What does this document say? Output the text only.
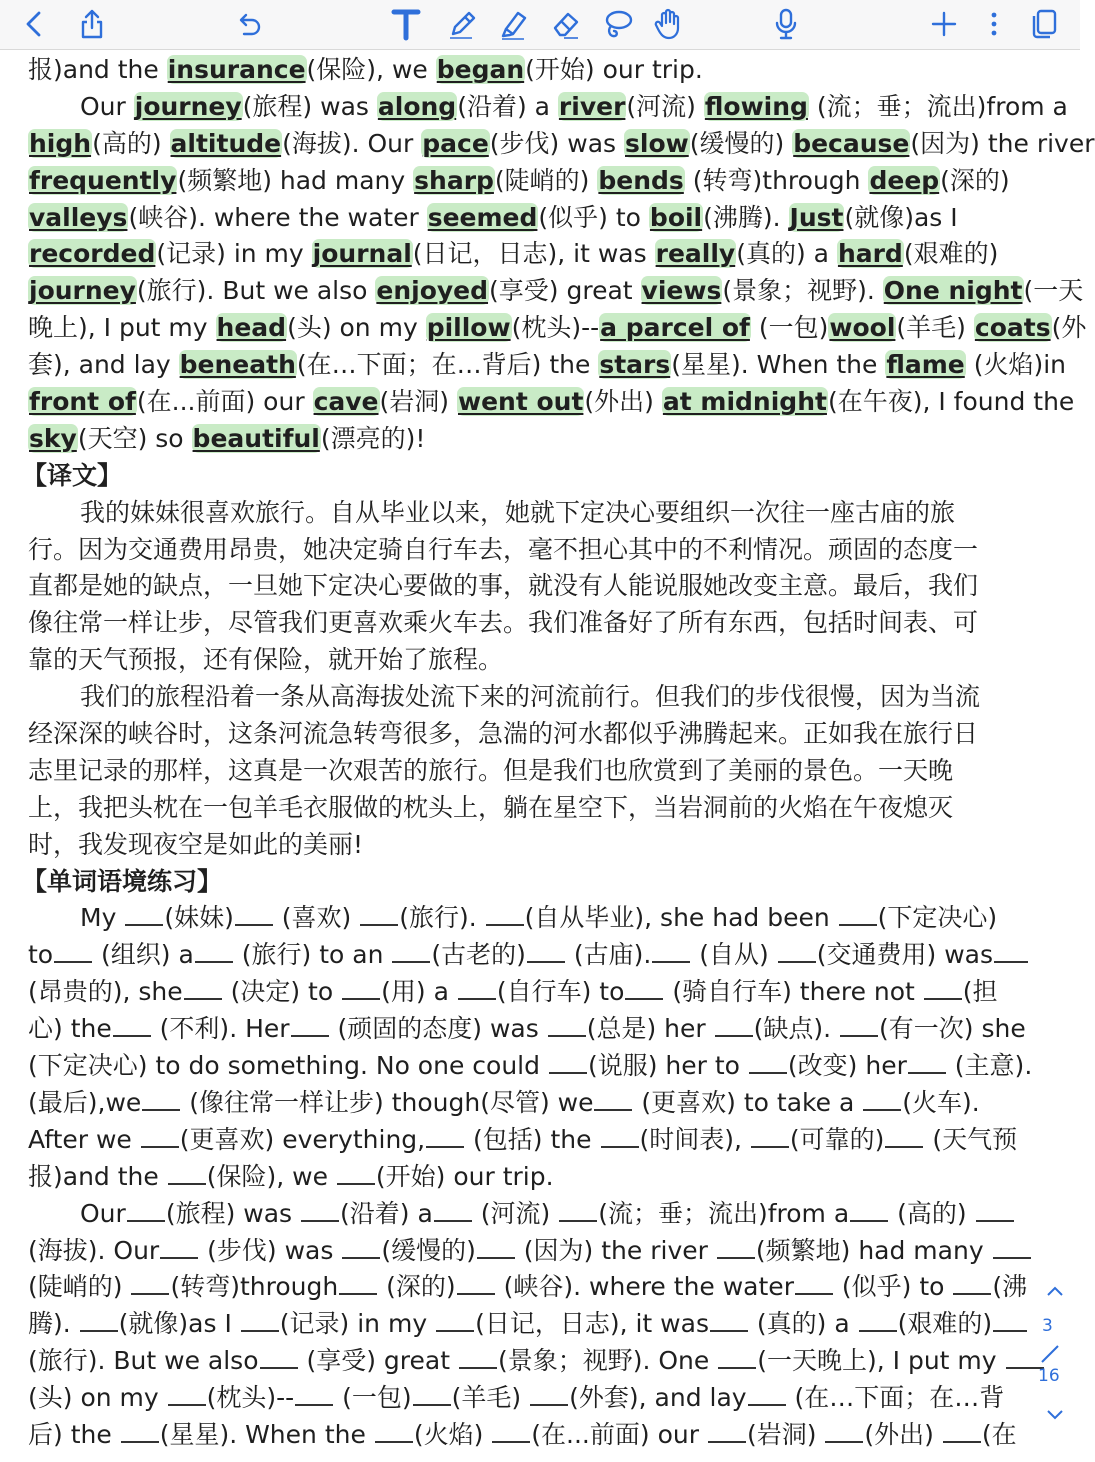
报)and the insurance(保险), we began(开始) our trip.
Our journey(旅程) was along(沿着) a river(河流) flowing (流；垂；流出)from a
high(高的) altitude(海拔). Our pace(步伐) was slow(缓慢的) because(因为) the river
frequently(频繁地) had many sharp(陡峭的) bends (转弯)through deep(深的)
valleys(峡谷). where the water seemed(似乎) to boil(沸腾). Just(就像)as I
recorded(记录) in my journal(日记，日志), it was really(真的) a hard(艰难的)
journey(旅行). But we also enjoyed(享受) great views(景象；视野). One night(一天
晚上), I put my head(头) on my pillow(枕头)--a parcel of (一包)wool(羊毛) coats(外
套), and lay beneath(在…下面；在…背后) the stars(星星). When the flame (火焰)in
front of(在...前面) our cave(岩洞) went out(外出) at midnight(在午夜), I found the
sky(天空) so beautiful(漂亮的)!
【译文】
我的妹妹很喜欢旅行。自从毕业以来，她就下定决心要组织一次往一座古庙的旅
行。因为交通费用昂贵，她决定骑自行车去，毫不担心其中的不利情况。顽固的态度一
直都是她的缺点，一旦她下定决心要做的事，就没有人能说服她改变主意。最后，我们
像往常一样让步，尽管我们更喜欢乘火车去。我们准备好了所有东西，包括时间表、可
靠的天气预报，还有保险，就开始了旅程。
我们的旅程沿着一条从高海拔处流下来的河流前行。但我们的步伐很慢，因为当流
经深深的峡谷时，这条河流急转弯很多，急湍的河水都似乎沸腾起来。正如我在旅行日
志里记录的那样，这真是一次艰苦的旅行。但是我们也欣赏到了美丽的景色。一天晚
上，我把头枕在一包羊毛衣服做的枕头上，躺在星空下，当岩洞前的火焰在午夜熄灭
时，我发现夜空是如此的美丽!
【单词语境练习】
My (妹妹) (喜欢) (旅行). (自从毕业), she had been (下定决心)
to (组织) a (旅行) to an (古老的) (古庙). (自从) (交通费用) was
(昂贵的), she (决定) to (用) a (自行车) to (骑自行车) there not (担
心) the (不利). Her (顽固的态度) was (总是) her (缺点). (有一次) she
(下定决心) to do something. No one could (说服) her to (改变) her (主意).
(最后),we (像往常一样让步) though(尽管) we (更喜欢) to take a (火车).
After we (更喜欢) everything, (包括) the (时间表), (可靠的) (天气预
报)and the (保险), we (开始) our trip.
Our (旅程) was (沿着) a (河流) (流；垂；流出)from a (高的)
(海拔). Our (步伐) was (缓慢的) (因为) the river (频繁地) had many
(陡峭的) (转弯)through (深的) (峡谷). where the water (似乎) to (沸
腾). (就像)as I (记录) in my (日记，日志), it was (真的) a (艰难的)
(旅行). But we also (享受) great (景象；视野). One (一天晚上), I put my
(头) on my (枕头)-- (一包) (羊毛) (外套), and lay (在…下面；在…背
后) the (星星). When the (火焰) (在...前面) our (岩洞) (外出) (在
3
16
